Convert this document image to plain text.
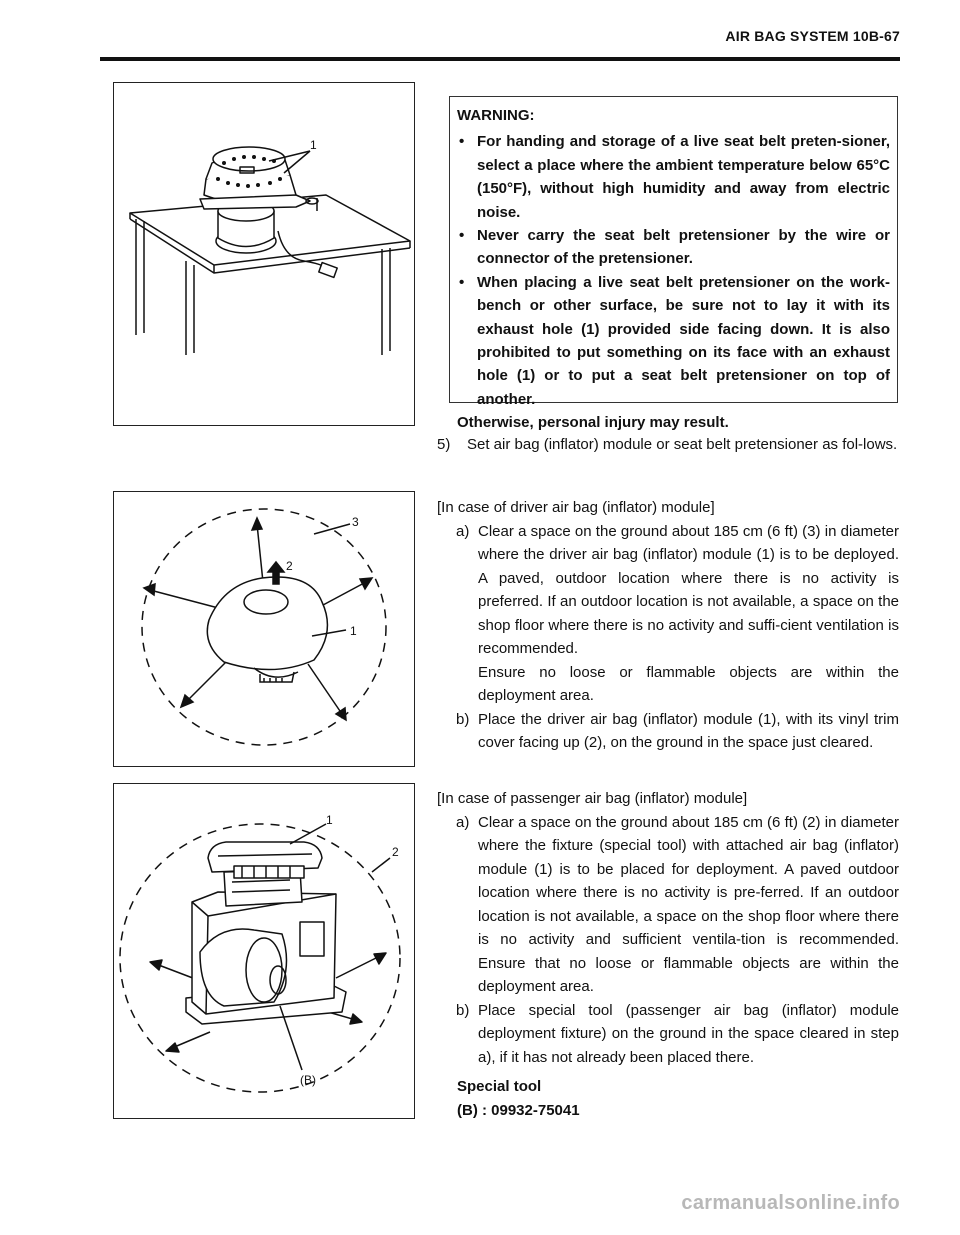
AIR BAG SYSTEM 10B-67
1
WARNING:
• For handing and storage of a live seat belt preten-sioner, select a place where the ambient temperature below 65°C (150°F), without high humidity and away from electric noise.
• Never carry the seat belt pretensioner by the wire or connector of the pretensioner.
• When placing a live seat belt pretensioner on the work-bench or other surface, be sure not to lay it with its exhaust hole (1) provided side facing down. It is also prohibited to put something on its face with an exhaust hole (1) or to put a seat belt pretensioner on top of another.
Otherwise, personal injury may result.
5) Set air bag (inflator) module or seat belt pretensioner as fol-lows.
3
2
1
[In case of driver air bag (inflator) module]
a) Clear a space on the ground about 185 cm (6 ft) (3) in diameter where the driver air bag (inflator) module (1) is to be deployed. A paved, outdoor location where there is no activity is preferred. If an outdoor location is not available, a space on the shop floor where there is no activity and suffi-cient ventilation is recommended.
Ensure no loose or flammable objects are within the deployment area.
b) Place the driver air bag (inflator) module (1), with its vinyl trim cover facing up (2), on the ground in the space just cleared.
1
2
(B)
[In case of passenger air bag (inflator) module]
a) Clear a space on the ground about 185 cm (6 ft) (2) in diameter where the fixture (special tool) with attached air bag (inflator) module (1) is to be placed for deployment. A paved outdoor location where there is no activity is pre-ferred. If an outdoor location is not available, a space on the shop floor where there is no activity and sufficient ventila-tion is recommended. Ensure that no loose or flammable objects are within the deployment area.
b) Place special tool (passenger air bag (inflator) module deployment fixture) on the ground in the space cleared in step a), if it has not already been placed there.
Special tool
(B) : 09932-75041
carmanualsonline.info
